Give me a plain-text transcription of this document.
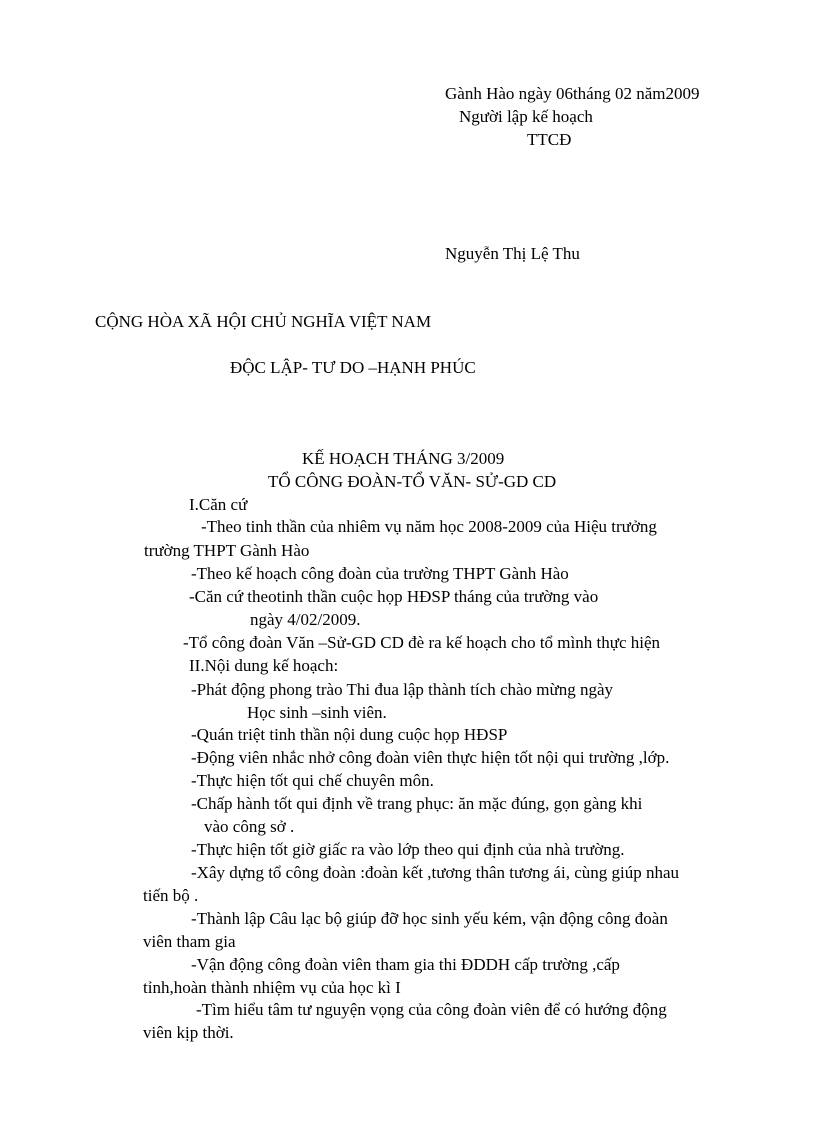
Gành Hào ngày 06tháng 02 năm2009
Người lập kế hoạch
TTCĐ
Nguyễn Thị Lệ Thu
CỘNG HÒA XÃ HỘI CHỦ NGHĨA VIỆT NAM
ĐỘC LẬP- TƯ DO –HẠNH PHÚC
KẾ HOẠCH THÁNG 3/2009
TỔ CÔNG ĐOÀN-TỔ VĂN- SỬ-GD CD
I.Căn cứ
-Theo tinh thần của nhiêm vụ năm học 2008-2009 của Hiệu trưởng
trường THPT Gành Hào
-Theo kế hoạch công đoàn của trường THPT Gành Hào
-Căn cứ theotinh thần cuộc họp HĐSP tháng của trường vào
ngày 4/02/2009.
-Tổ công đoàn Văn –Sử-GD CD đè ra kế hoạch cho tổ mình thực hiện
II.Nội dung kế hoạch:
-Phát động phong trào Thi đua lập thành tích chào mừng ngày
Học sinh –sinh viên.
-Quán triệt tinh thần nội dung cuộc họp HĐSP
-Động viên nhắc nhở công đoàn viên thực hiện tốt nội qui trường ,lớp.
-Thực hiện tốt qui chế chuyên môn.
-Chấp hành tốt qui định về trang phục: ăn mặc đúng, gọn gàng khi
vào công sở .
-Thực hiện tốt giờ giấc ra vào lớp theo qui định của nhà trường.
-Xây dựng tổ công đoàn :đoàn kết ,tương thân tương ái, cùng giúp nhau
tiến bộ .
-Thành lập Câu lạc bộ giúp đỡ học sinh yếu kém, vận động công đoàn
viên tham gia
-Vận động công đoàn viên tham gia thi ĐDDH cấp trường ,cấp
tỉnh,hoàn thành nhiệm vụ của học kì I
-Tìm hiểu tâm tư nguyện vọng của công đoàn viên để có hướng động
viên kịp thời.
